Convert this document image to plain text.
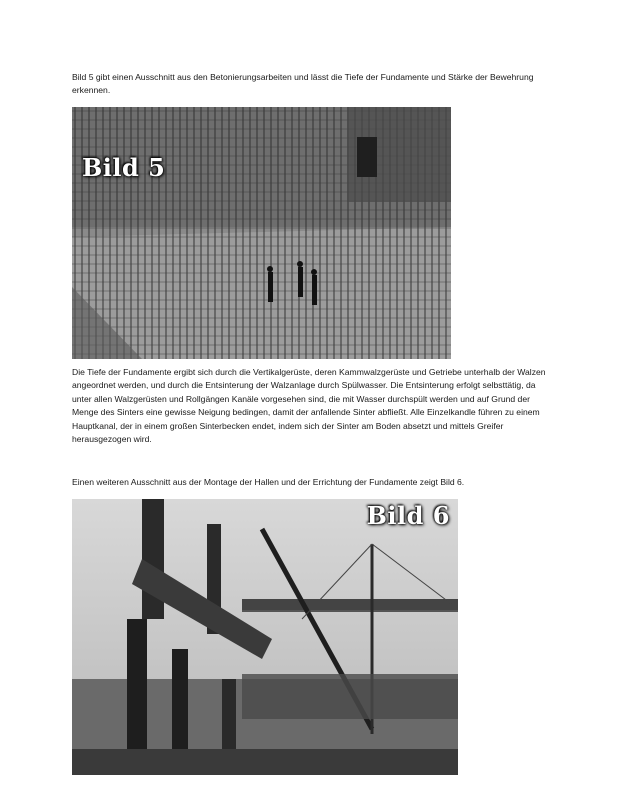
Bild 5 gibt einen Ausschnitt aus den Betonierungsarbeiten und lässt die Tiefe der Fundamente und Stärke der Bewehrung erkennen.

Bild 5

Die Tiefe der Fundamente ergibt sich durch die Vertikalgerüste, deren Kammwalzgerüste und Getriebe unterhalb der Walzen angeordnet werden, und durch die Entsinterung der Walzanlage durch Spülwasser. Die Entsinterung erfolgt selbsttätig, da unter allen Walzgerüsten und Rollgängen Kanäle vorgesehen sind, die mit Wasser durchspült werden und auf Grund der Menge des Sinters eine gewisse Neigung bedingen, damit der anfallende Sinter abfließt. Alle Einzelkandle führen zu einem Hauptkanal, der in einem großen Sinterbecken endet, indem sich der Sinter am Boden absetzt und mittels Greifer herausgezogen wird.

Einen weiteren Ausschnitt aus der Montage der Hallen und der Errichtung der Fundamente zeigt Bild 6.

Bild 6
